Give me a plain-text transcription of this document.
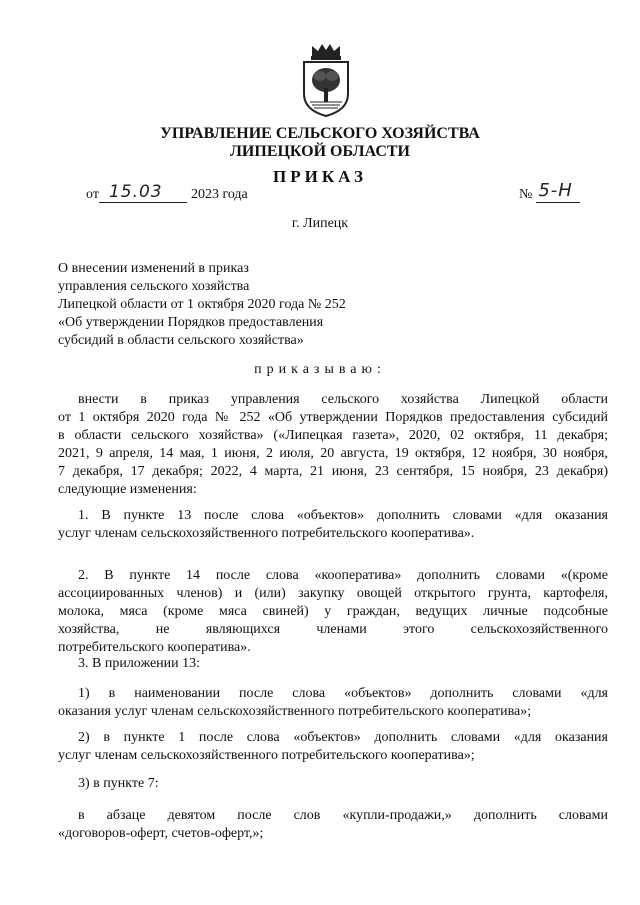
УПРАВЛЕНИЕ СЕЛЬСКОГО ХОЗЯЙСТВА
ЛИПЕЦКОЙ ОБЛАСТИ
ПРИКАЗ
от 15.03 2023 года	№ 5-Н
г. Липецк
О внесении изменений в приказ
управления сельского хозяйства
Липецкой области от 1 октября 2020 года № 252
«Об утверждении Порядков предоставления
субсидий в области сельского хозяйства»
приказываю:
внести в приказ управления сельского хозяйства Липецкой области
от 1 октября 2020 года № 252 «Об утверждении Порядков предоставления субсидий
в области сельского хозяйства» («Липецкая газета», 2020, 02 октября, 11 декабря;
2021, 9 апреля, 14 мая, 1 июня, 2 июля, 20 августа, 19 октября, 12 ноября, 30 ноября,
7 декабря, 17 декабря; 2022, 4 марта, 21 июня, 23 сентября, 15 ноября, 23 декабря)
следующие изменения:
1. В пункте 13 после слова «объектов» дополнить словами «для оказания
услуг членам сельскохозяйственного потребительского кооператива».
2. В пункте 14 после слова «кооператива» дополнить словами «(кроме
ассоциированных членов) и (или) закупку овощей открытого грунта, картофеля,
молока, мяса (кроме мяса свиней) у граждан, ведущих личные подсобные
хозяйства, не являющихся членами этого сельскохозяйственного
потребительского кооператива».
3. В приложении 13:
1) в наименовании после слова «объектов» дополнить словами «для
оказания услуг членам сельскохозяйственного потребительского кооператива»;
2) в пункте 1 после слова «объектов» дополнить словами «для оказания
услуг членам сельскохозяйственного потребительского кооператива»;
3) в пункте 7:
в абзаце девятом после слов «купли-продажи,» дополнить словами
«договоров-оферт, счетов-оферт,»;
